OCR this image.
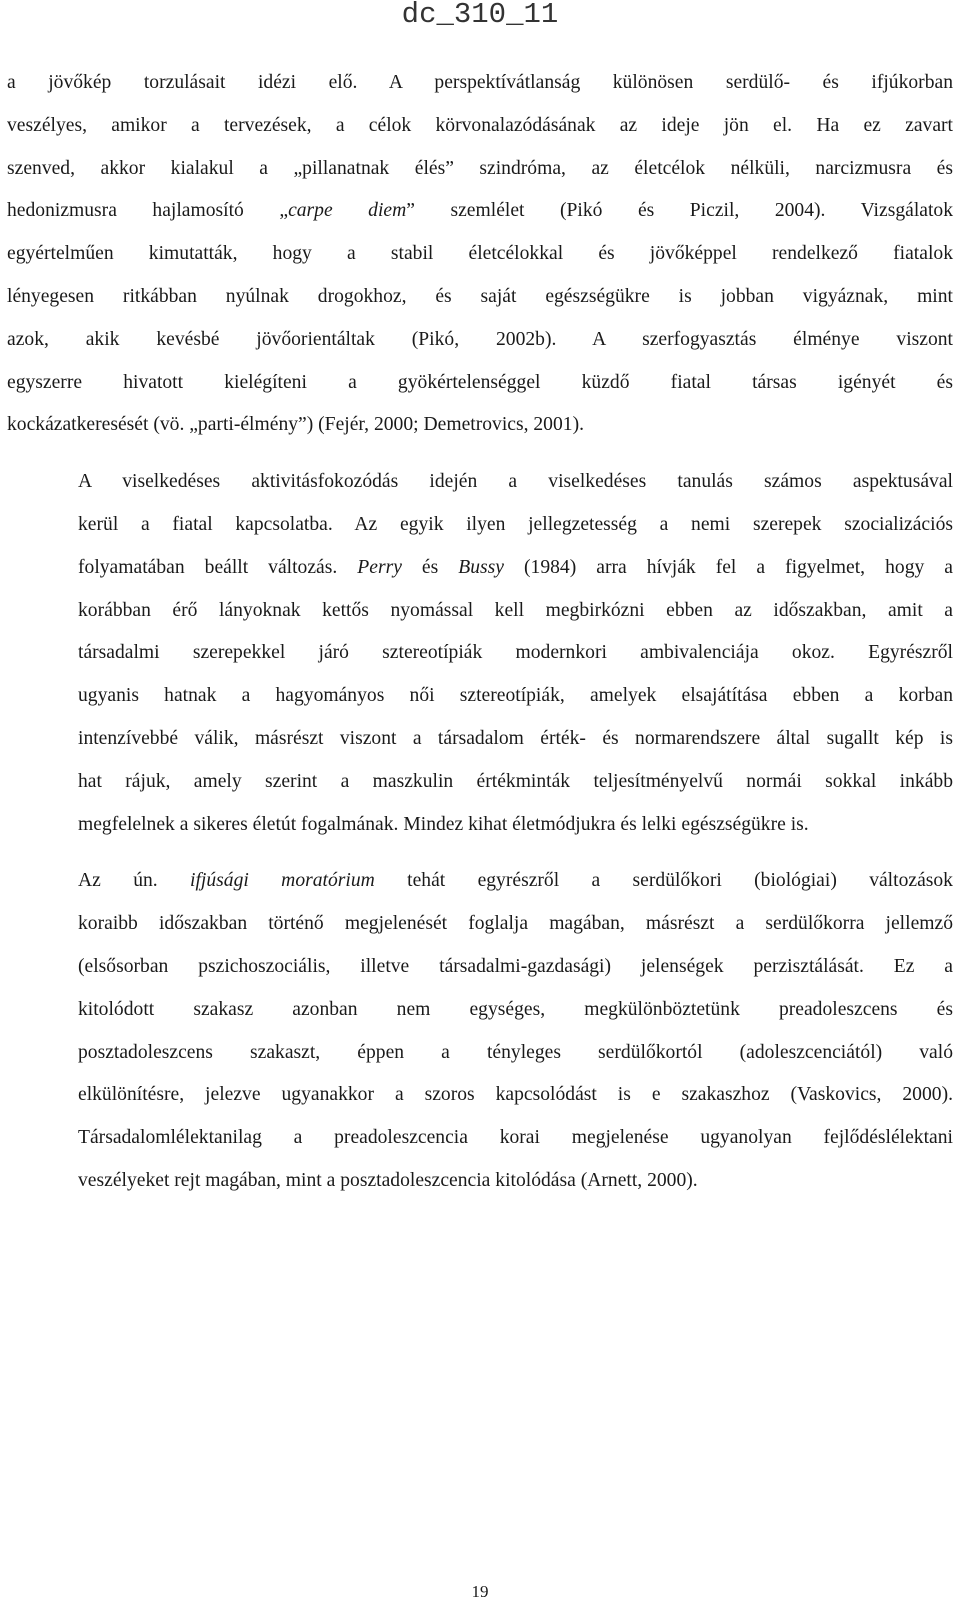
dc_310_11

a jövőkép torzulásait idézi elő. A perspektívátlanság különösen serdülő- és ifjúkorban
veszélyes, amikor a tervezések, a célok körvonalazódásának az ideje jön el. Ha ez zavart
szenved, akkor kialakul a „pillanatnak élés” szindróma, az életcélok nélküli, narcizmusra és
hedonizmusra hajlamosító „carpe diem” szemlélet (Pikó és Piczil, 2004). Vizsgálatok
egyértelműen kimutatták, hogy a stabil életcélokkal és jövőképpel rendelkező fiatalok
lényegesen ritkábban nyúlnak drogokhoz, és saját egészségükre is jobban vigyáznak, mint
azok, akik kevésbé jövőorientáltak (Pikó, 2002b). A szerfogyasztás élménye viszont
egyszerre hivatott kielégíteni a gyökértelenséggel küzdő fiatal társas igényét és
kockázatkeresését (vö. „parti-élmény”) (Fejér, 2000; Demetrovics, 2001).

A viselkedéses aktivitásfokozódás idején a viselkedéses tanulás számos aspektusával
kerül a fiatal kapcsolatba. Az egyik ilyen jellegzetesség a nemi szerepek szocializációs
folyamatában beállt változás. Perry és Bussy (1984) arra hívják fel a figyelmet, hogy a
korábban érő lányoknak kettős nyomással kell megbirkózni ebben az időszakban, amit a
társadalmi szerepekkel járó sztereotípiák modernkori ambivalenciája okoz. Egyrészről
ugyanis hatnak a hagyományos női sztereotípiák, amelyek elsajátítása ebben a korban
intenzívebbé válik, másrészt viszont a társadalom érték- és normarendszere által sugallt kép is
hat rájuk, amely szerint a maszkulin értékminták teljesítményelvű normái sokkal inkább
megfelelnek a sikeres életút fogalmának. Mindez kihat életmódjukra és lelki egészségükre is.

Az ún. ifjúsági moratórium tehát egyrészről a serdülőkori (biológiai) változások
koraibb időszakban történő megjelenését foglalja magában, másrészt a serdülőkorra jellemző
(elsősorban pszichoszociális, illetve társadalmi-gazdasági) jelenségek perzisztálását. Ez a
kitolódott szakasz azonban nem egységes, megkülönböztetünk preadoleszcens és
posztadoleszcens szakaszt, éppen a tényleges serdülőkortól (adoleszcenciától) való
elkülönítésre, jelezve ugyanakkor a szoros kapcsolódást is e szakaszhoz (Vaskovics, 2000).
Társadalomlélektanilag a preadoleszcencia korai megjelenése ugyanolyan fejlődéslélektani
veszélyeket rejt magában, mint a posztadoleszcencia kitolódása (Arnett, 2000).

19
